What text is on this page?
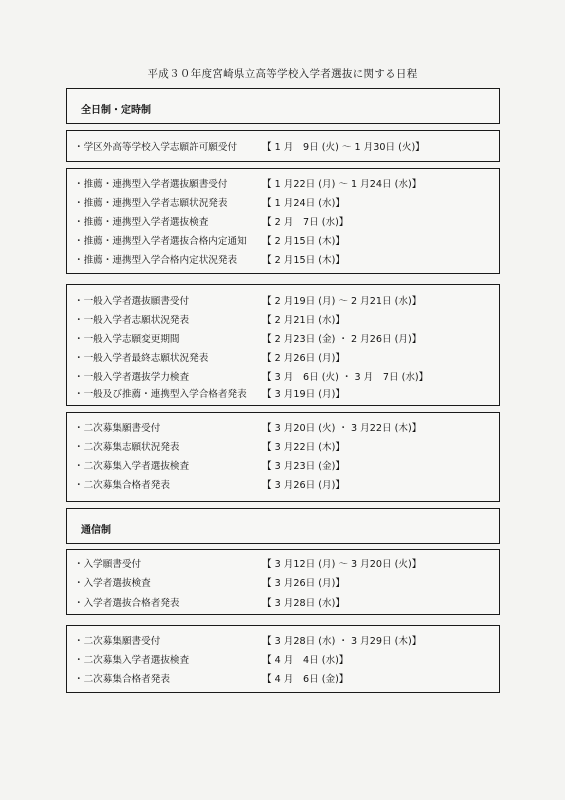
平成３０年度宮崎県立高等学校入学者選抜に関する日程
全日制・定時制
・学区外高等学校入学志願許可願受付	【 1 月　9日 (火) ～ 1 月30日 (火)】
・推薦・連携型入学者選抜願書受付	【 1 月22日 (月) ～ 1 月24日 (水)】
・推薦・連携型入学者志願状況発表	【 1 月24日 (水)】
・推薦・連携型入学者選抜検査	【 2 月　7日 (水)】
・推薦・連携型入学者選抜合格内定通知 【 2 月15日 (木)】
・推薦・連携型入学合格内定状況発表	【 2 月15日 (木)】
・一般入学者選抜願書受付	【 2 月19日 (月) ～ 2 月21日 (水)】
・一般入学者志願状況発表	【 2 月21日 (水)】
・一般入学志願変更期間	【 2 月23日 (金) ・ 2 月26日 (月)】
・一般入学者最終志願状況発表	【 2 月26日 (月)】
・一般入学者選抜学力検査	【 3 月　6日 (火) ・ 3 月　7日 (水)】
・一般及び推薦・連携型入学合格者発表 【 3 月19日 (月)】
・二次募集願書受付	【 3 月20日 (火) ・ 3 月22日 (木)】
・二次募集志願状況発表	【 3 月22日 (木)】
・二次募集入学者選抜検査	【 3 月23日 (金)】
・二次募集合格者発表	【 3 月26日 (月)】
通信制
・入学願書受付	【 3 月12日 (月) ～ 3 月20日 (火)】
・入学者選抜検査	【 3 月26日 (月)】
・入学者選抜合格者発表	【 3 月28日 (水)】
・二次募集願書受付	【 3 月28日 (水) ・ 3 月29日 (木)】
・二次募集入学者選抜検査	【 4 月　4日 (水)】
・二次募集合格者発表	【 4 月　6日 (金)】
